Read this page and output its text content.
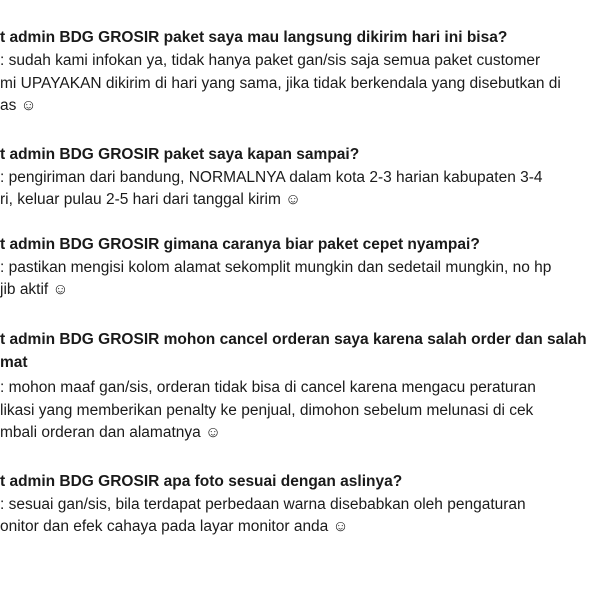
t admin BDG GROSIR paket saya mau langsung dikirim hari ini bisa?
: sudah kami infokan ya, tidak hanya paket gan/sis saja semua paket customer
mi UPAYAKAN dikirim di hari yang sama, jika tidak berkendala yang disebutkan di
as ☺
t admin BDG GROSIR paket saya kapan sampai?
: pengiriman dari bandung, NORMALNYA dalam kota 2-3 harian kabupaten 3-4
ri, keluar pulau 2-5 hari dari tanggal kirim ☺
t admin BDG GROSIR gimana caranya biar paket cepet nyampai?
: pastikan mengisi kolom alamat sekomplit mungkin dan sedetail mungkin, no hp
jib aktif ☺
t admin BDG GROSIR mohon cancel orderan saya karena salah order dan salah
mat
: mohon maaf gan/sis, orderan tidak bisa di cancel karena mengacu peraturan
likasi yang memberikan penalty ke penjual, dimohon sebelum melunasi di cek
mbali orderan dan alamatnya ☺
t admin BDG GROSIR apa foto sesuai dengan aslinya?
: sesuai gan/sis, bila terdapat perbedaan warna disebabkan oleh pengaturan
onitor dan efek cahaya pada layar monitor anda ☺
